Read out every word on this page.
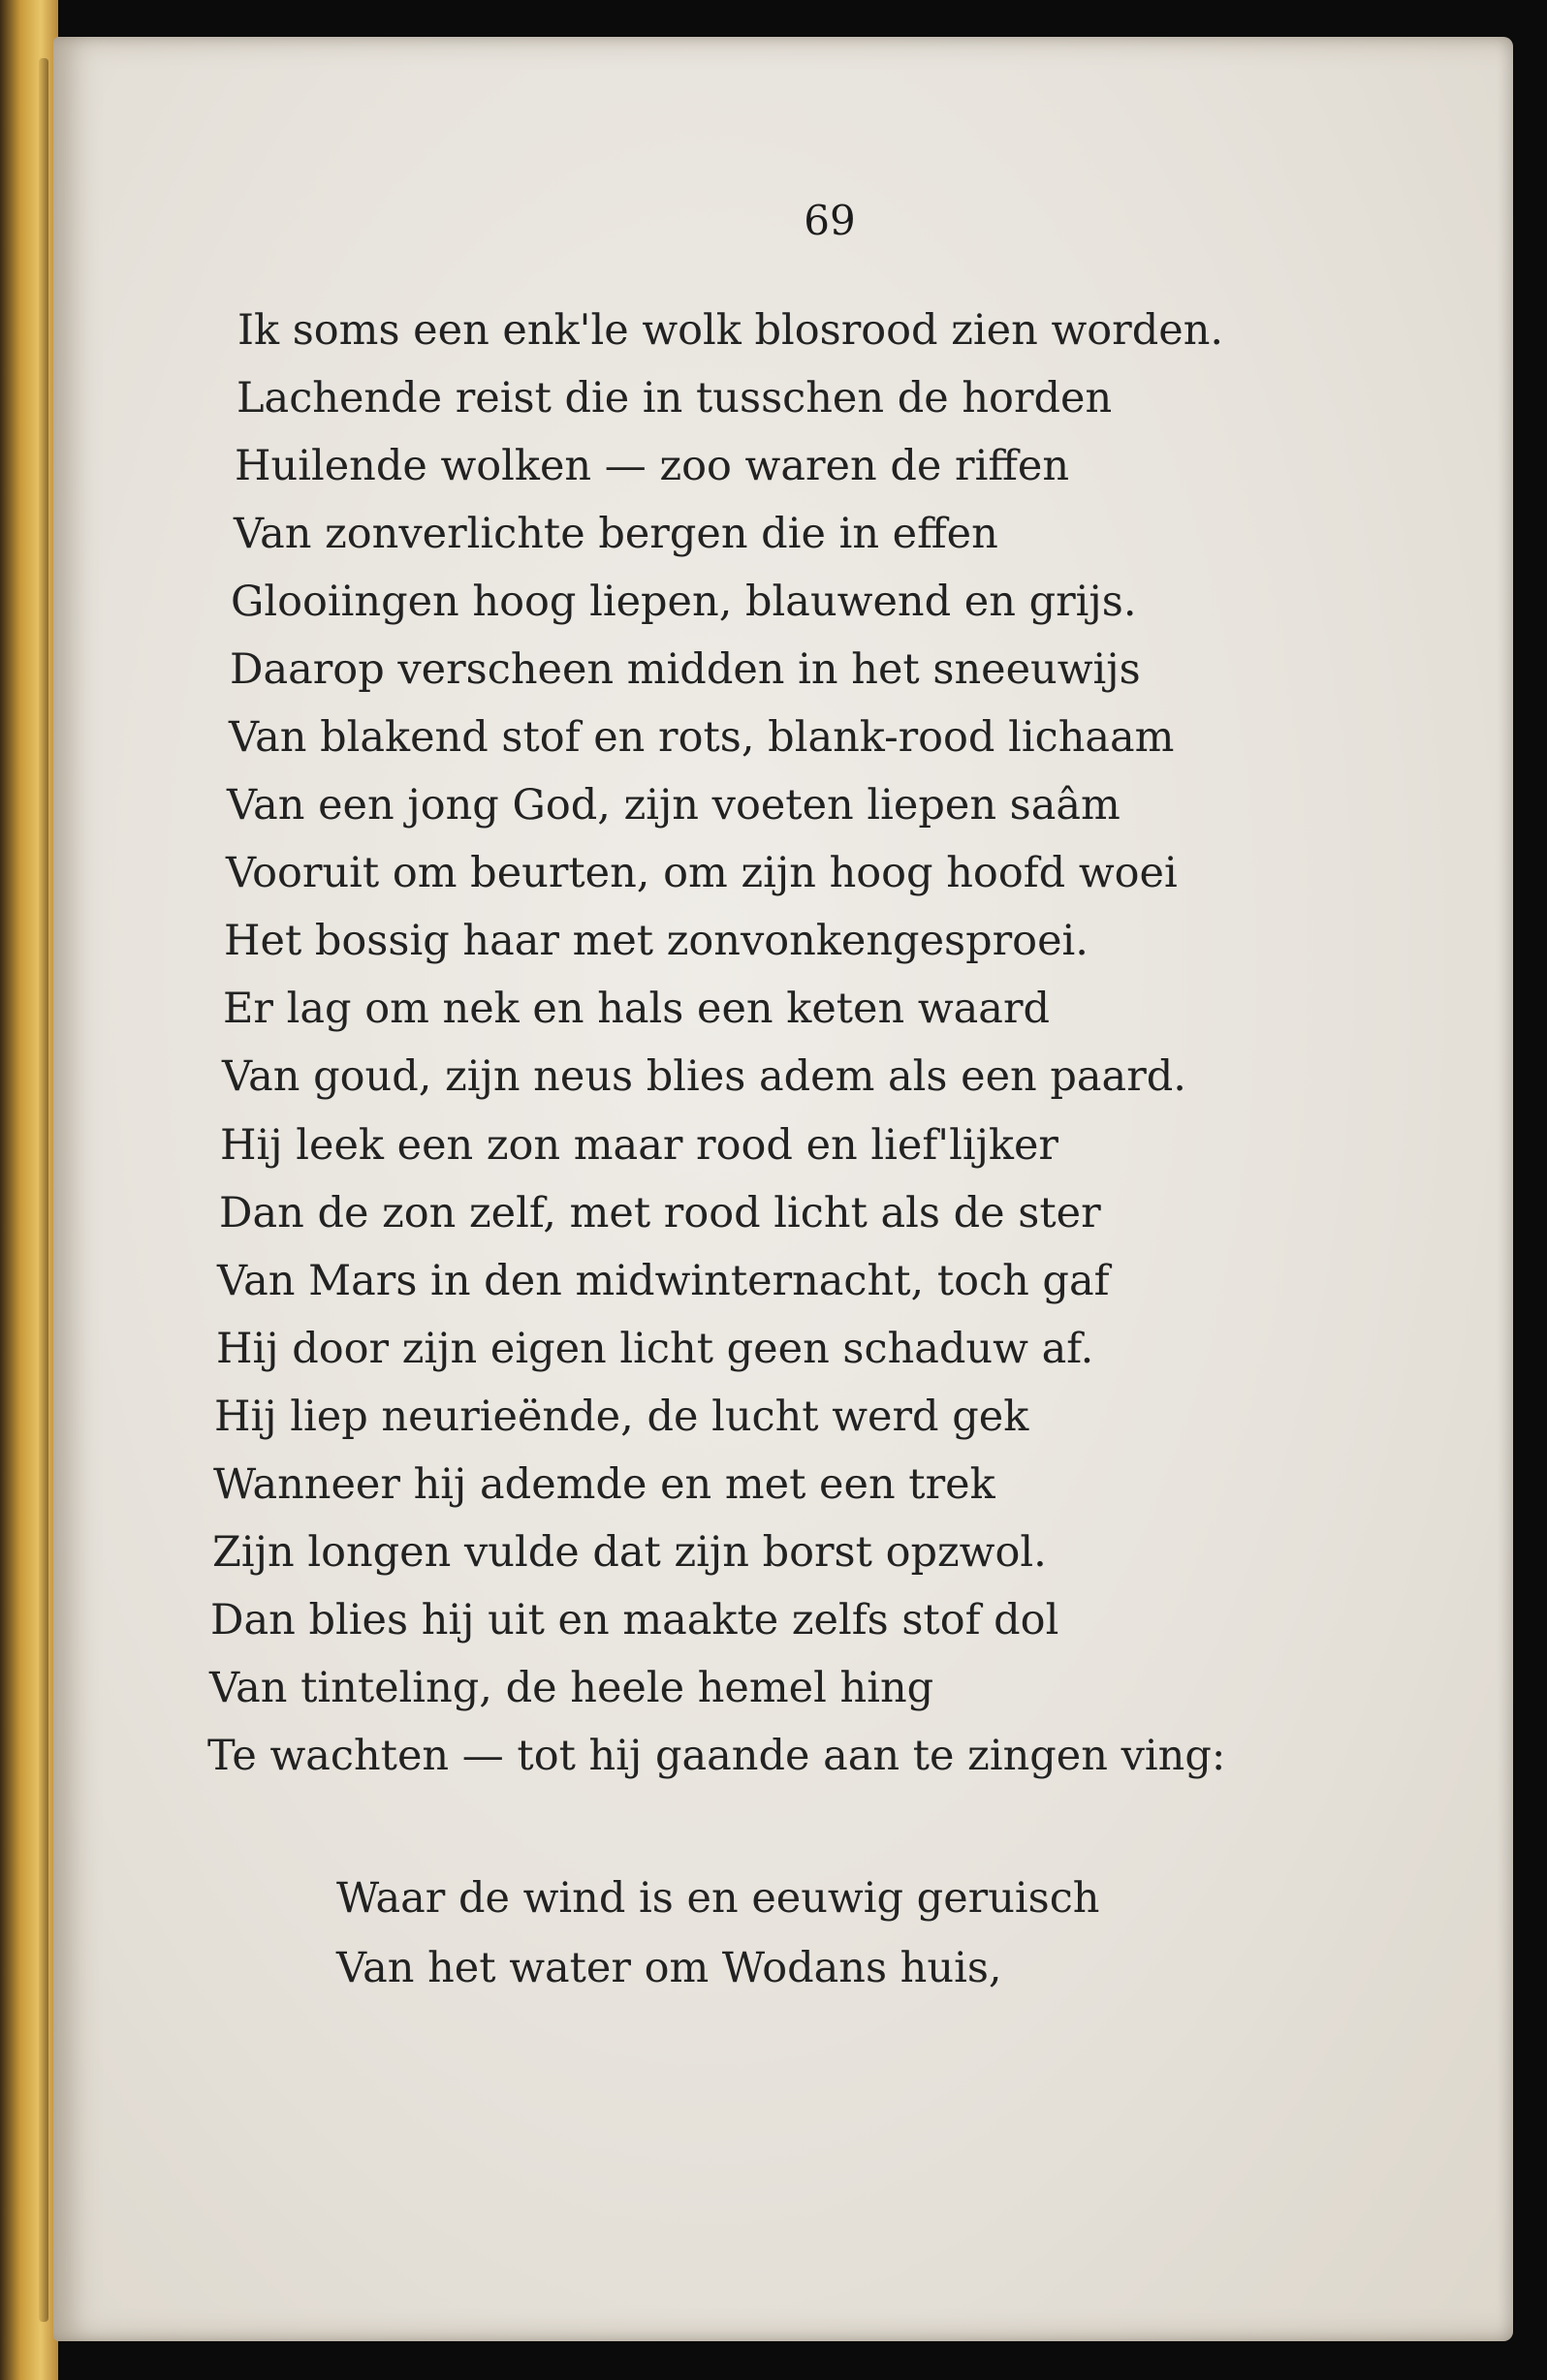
69
Ik soms een enk'le wolk blosrood zien worden.
Lachende reist die in tusschen de horden
Huilende wolken — zoo waren de riffen
Van zonverlichte bergen die in effen
Glooiingen hoog liepen, blauwend en grijs.
Daarop verscheen midden in het sneeuwijs
Van blakend stof en rots, blank-rood lichaam
Van een jong God, zijn voeten liepen saâm
Vooruit om beurten, om zijn hoog hoofd woei
Het bossig haar met zonvonkengesproei.
Er lag om nek en hals een keten waard
Van goud, zijn neus blies adem als een paard.
Hij leek een zon maar rood en lief'lijker
Dan de zon zelf, met rood licht als de ster
Van Mars in den midwinternacht, toch gaf
Hij door zijn eigen licht geen schaduw af.
Hij liep neurieënde, de lucht werd gek
Wanneer hij ademde en met een trek
Zijn longen vulde dat zijn borst opzwol.
Dan blies hij uit en maakte zelfs stof dol
Van tinteling, de heele hemel hing
Te wachten — tot hij gaande aan te zingen ving:
Waar de wind is en eeuwig geruisch
Van het water om Wodans huis,
